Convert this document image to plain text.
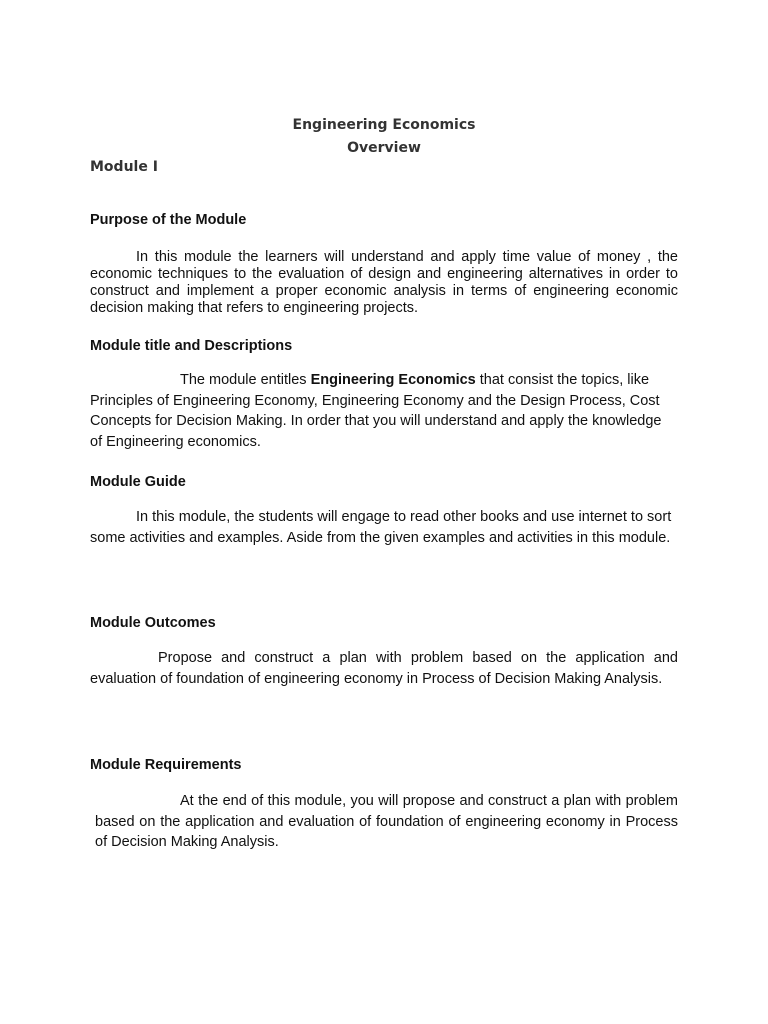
Engineering Economics
Overview
Module I
Purpose of the Module

In this module the learners will understand and apply time value of money , the economic techniques to the evaluation of design and engineering alternatives in order to construct and implement a proper economic analysis in terms of engineering economic decision making that refers to engineering projects.

Module title and Descriptions

The module entitles Engineering Economics that consist the topics, like Principles of Engineering Economy, Engineering Economy and the Design Process, Cost Concepts for Decision Making. In order that you will understand and apply the knowledge of Engineering economics.

Module Guide

In this module, the students will engage to read other books and use internet to sort some activities and examples. Aside from the given examples and activities in this module.

Module Outcomes

Propose and construct a plan with problem based on the application and evaluation of foundation of engineering economy in Process of Decision Making Analysis.

Module Requirements

At the end of this module, you will propose and construct a plan with problem based on the application and evaluation of foundation of engineering economy in Process of Decision Making Analysis.
